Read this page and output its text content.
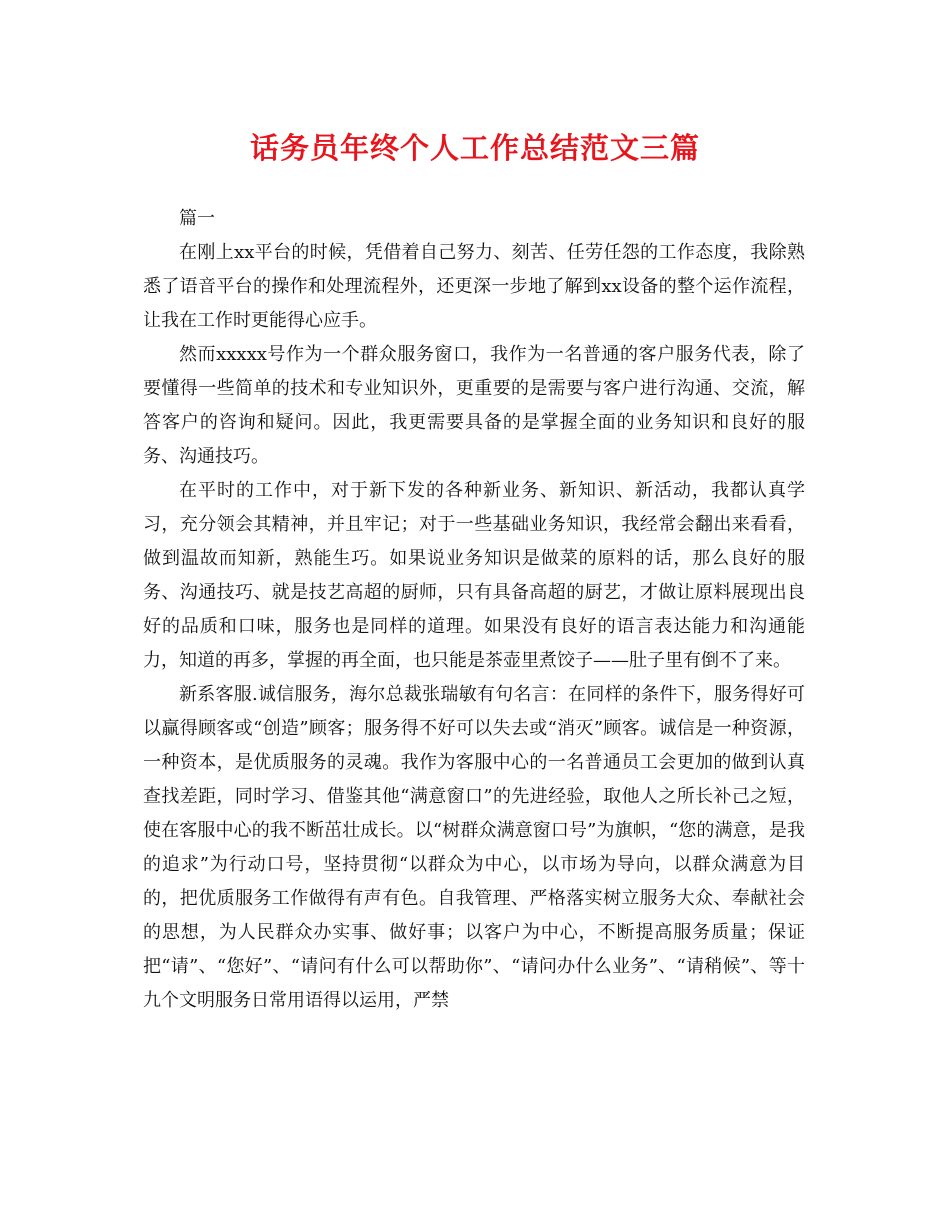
话务员年终个人工作总结范文三篇

篇一

在刚上xx平台的时候，凭借着自己努力、刻苦、任劳任怨的工作态度，我除熟悉了语音平台的操作和处理流程外，还更深一步地了解到xx设备的整个运作流程，让我在工作时更能得心应手。

然而xxxxx号作为一个群众服务窗口，我作为一名普通的客户服务代表，除了要懂得一些简单的技术和专业知识外，更重要的是需要与客户进行沟通、交流，解答客户的咨询和疑问。因此，我更需要具备的是掌握全面的业务知识和良好的服务、沟通技巧。

在平时的工作中，对于新下发的各种新业务、新知识、新活动，我都认真学习，充分领会其精神，并且牢记；对于一些基础业务知识，我经常会翻出来看看，做到温故而知新，熟能生巧。如果说业务知识是做菜的原料的话，那么良好的服务、沟通技巧、就是技艺高超的厨师，只有具备高超的厨艺，才做让原料展现出良好的品质和口味，服务也是同样的道理。如果没有良好的语言表达能力和沟通能力，知道的再多，掌握的再全面，也只能是茶壶里煮饺子——肚子里有倒不了来。

新系客服.诚信服务，海尔总裁张瑞敏有句名言：在同样的条件下，服务得好可以赢得顾客或“创造”顾客；服务得不好可以失去或“消灭”顾客。诚信是一种资源，一种资本，是优质服务的灵魂。我作为客服中心的一名普通员工会更加的做到认真查找差距，同时学习、借鉴其他“满意窗口”的先进经验，取他人之所长补己之短，使在客服中心的我不断茁壮成长。以“树群众满意窗口号”为旗帜，“您的满意，是我的追求”为行动口号，坚持贯彻“以群众为中心，以市场为导向，以群众满意为目的，把优质服务工作做得有声有色。自我管理、严格落实树立服务大众、奉献社会的思想，为人民群众办实事、做好事；以客户为中心，不断提高服务质量；保证把“请”、“您好”、“请问有什么可以帮助你”、“请问办什么业务”、“请稍候”、等十九个文明服务日常用语得以运用，严禁
